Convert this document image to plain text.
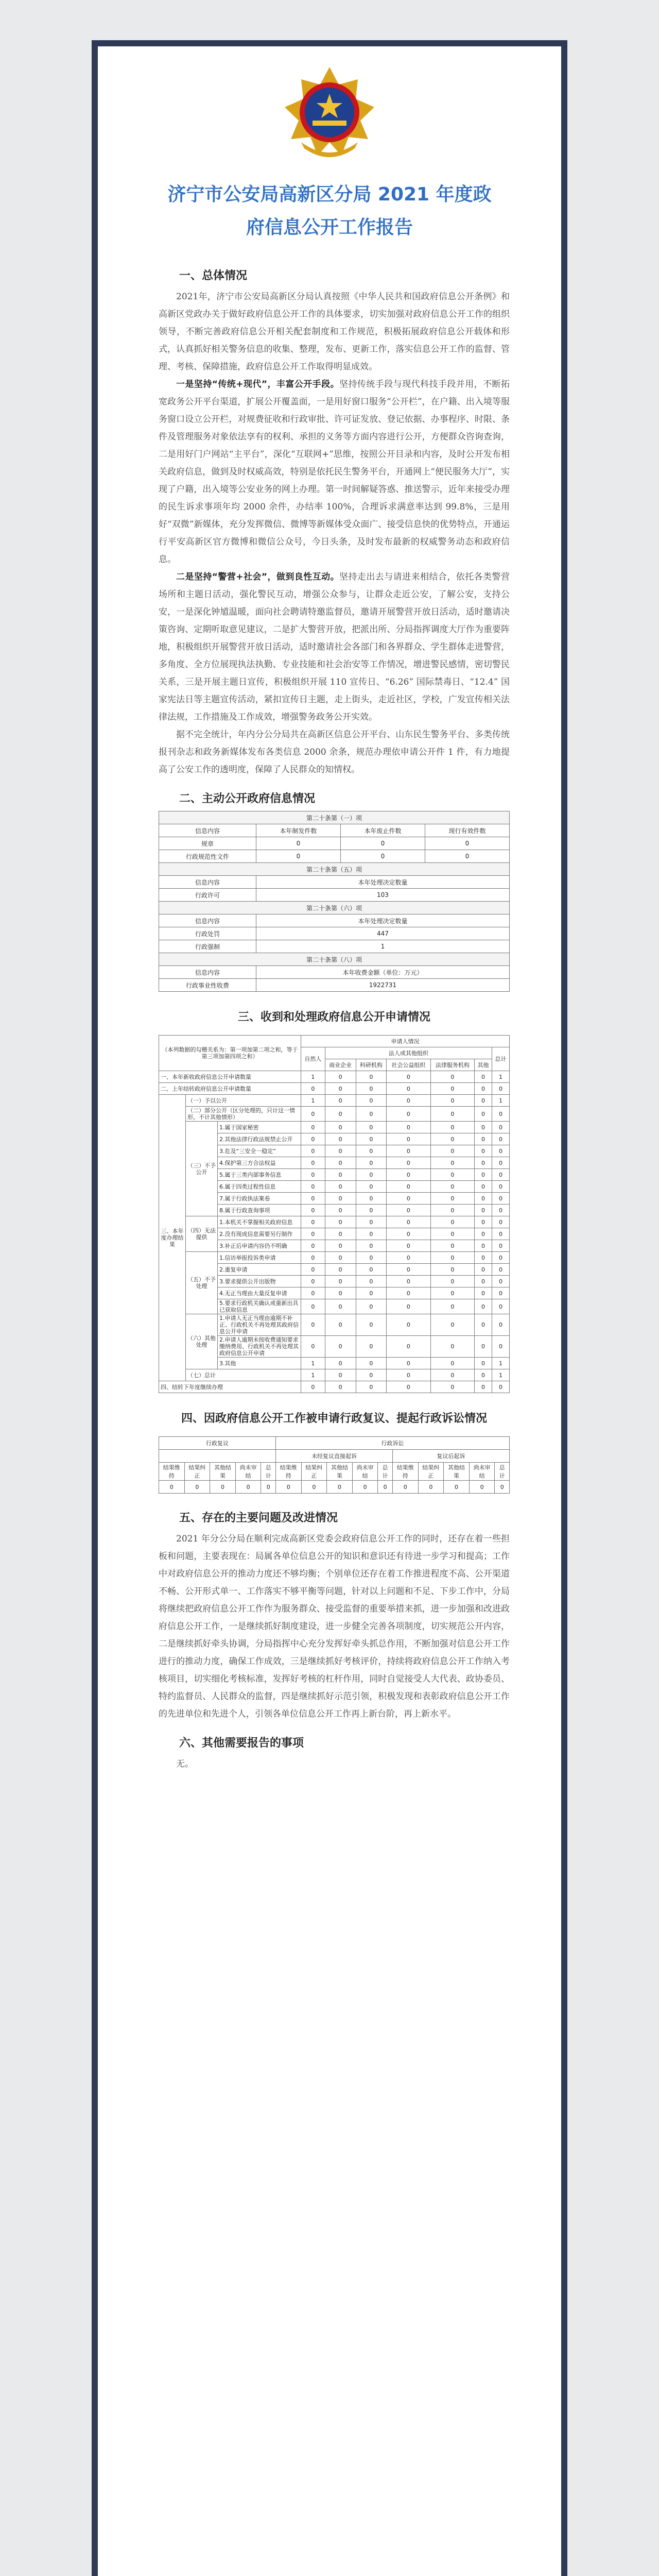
济宁市公安局高新区分局 2021 年度政府信息公开工作报告
一、总体情况

2021年，济宁市公安局高新区分局认真按照《中华人民共和国政府信息公开条例》和高新区党政办关于做好政府信息公开工作的具体要求，切实加强对政府信息公开工作的组织领导，不断完善政府信息公开相关配套制度和工作规范，积极拓展政府信息公开载体和形式，认真抓好相关警务信息的收集、整理，发布、更新工作，落实信息公开工作的监督、管理、考核、保障措施，政府信息公开工作取得明显成效。

一是坚持“传统+现代”，丰富公开手段。坚持传统手段与现代科技手段并用，不断拓宽政务公开平台渠道，扩展公开覆盖面，一是用好窗口服务“公开栏”，在户籍、出入境等服务窗口设立公开栏，对规费征收和行政审批、许可证发放、登记依据、办事程序、时限、条件及管理服务对象依法享有的权利、承担的义务等方面内容进行公开，方便群众咨询查询，二是用好门户网站“主平台”，深化“互联网+”思维，按照公开目录和内容，及时公开发布相关政府信息，做到及时权威高效，特别是依托民生警务平台，开通网上“便民服务大厅”，实现了户籍，出入境等公安业务的网上办理。第一时间解疑答惑、推送警示，近年来接受办理的民生诉求事项年均 2000 余件，办结率 100%，合理诉求满意率达到 99.8%，三是用好“双微”新媒体，充分发挥微信、微博等新媒体受众面广、接受信息快的优势特点，开通运行平安高新区官方微博和微信公众号，今日头条，及时发布最新的权威警务动态和政府信息。

二是坚持“警营+社会”，做到良性互动。坚持走出去与请进来相结合，依托各类警营场所和主题日活动，强化警民互动，增强公众参与，让群众走近公安，了解公安，支持公安，一是深化钟馗温暖，面向社会聘请特邀监督员，邀请开展警营开放日活动，适时邀请决策咨询、定期听取意见建议，二是扩大警营开放，把派出所、分局指挥调度大厅作为重要阵地，积极组织开展警营开放日活动，适时邀请社会各部门和各界群众、学生群体走进警营，多角度、全方位展现执法执勤、专业技能和社会治安等工作情况，增进警民感情，密切警民关系，三是开展主题日宣传，积极组织开展 110 宣传日、“6.26” 国际禁毒日、“12.4” 国家宪法日等主题宣传活动，紧扣宣传日主题，走上街头，走近社区，学校，广发宣传相关法律法规，工作措施及工作成效，增强警务政务公开实效。

据不完全统计，年内分公分局共在高新区信息公开平台、山东民生警务平台、多类传统报刊杂志和政务新媒体发布各类信息 2000 余条，规范办理依申请公开件 1 件，有力地提高了公安工作的透明度，保障了人民群众的知情权。

二、主动公开政府信息情况
第二十条第（一）项			
信息内容	本年制发件数	本年废止件数	现行有效件数
规章	0	0	0
行政规范性文件	0	0	0
第二十条第（五）项			
信息内容	本年处理决定数量		
行政许可	103		
第二十条第（六）项			
信息内容	本年处理决定数量		
行政处罚	447		
行政强制	1		
第二十条第（八）项			
信息内容	本年收费金额（单位：万元）		
行政事业性收费	1922731		
三、收到和处理政府信息公开申请情况
（本列数据的勾稽关系为：第一项加第二项之和，等于第三项加第四项之和）			申请人情况						
			自然人	法人或其他组织					总计
				商业企业	科研机构	社会公益组织	法律服务机构	其他	
一、本年新收政府信息公开申请数量			1	0	0	0	0	0	1
二、上年结转政府信息公开申请数量			0	0	0	0	0	0	0
三、本年度办理结果	（一）予以公开		1	0	0	0	0	0	1
	（二）部分公开（区分处理的，只计这一情形，不计其他情形）		0	0	0	0	0	0	0
	（三）不予公开	1.属于国家秘密	0	0	0	0	0	0	0
		2.其他法律行政法规禁止公开	0	0	0	0	0	0	0
		3.危及“三安全一稳定”	0	0	0	0	0	0	0
		4.保护第三方合法权益	0	0	0	0	0	0	0
		5.属于三类内部事务信息	0	0	0	0	0	0	0
		6.属于四类过程性信息	0	0	0	0	0	0	0
		7.属于行政执法案卷	0	0	0	0	0	0	0
		8.属于行政查询事项	0	0	0	0	0	0	0
	（四）无法提供	1.本机关不掌握相关政府信息	0	0	0	0	0	0	0
		2.没有现成信息需要另行制作	0	0	0	0	0	0	0
		3.补正后申请内容仍不明确	0	0	0	0	0	0	0
	（五）不予处理	1.信访举报投诉类申请	0	0	0	0	0	0	0
		2.重复申请	0	0	0	0	0	0	0
		3.要求提供公开出版物	0	0	0	0	0	0	0
		4.无正当理由大量反复申请	0	0	0	0	0	0	0
		5.要求行政机关确认或重新出具已获取信息	0	0	0	0	0	0	0
	（六）其他处理	1.申请人无正当理由逾期不补正、行政机关不再处理其政府信息公开申请	0	0	0	0	0	0	0
		2.申请人逾期未按收费通知要求缴纳费用、行政机关不再处理其政府信息公开申请	0	0	0	0	0	0	0
		3.其他	1	0	0	0	0	0	1
	（七）总计		1	0	0	0	0	0	1
四、结转下年度继续办理			0	0	0	0	0	0	0
四、因政府信息公开工作被申请行政复议、提起行政诉讼情况
行政复议					行政诉讼									
					未经复议直接起诉					复议后起诉				
结果维持	结果纠正	其他结果	尚未审结	总计	结果维持	结果纠正	其他结果	尚未审结	总计	结果维持	结果纠正	其他结果	尚未审结	总计
0	0	0	0	0	0	0	0	0	0	0	0	0	0	0
五、存在的主要问题及改进情况

2021 年分公分局在顺利完成高新区党委会政府信息公开工作的同时，还存在着一些担板和问题，主要表现在：局属各单位信息公开的知识和意识还有待进一步学习和提高；工作中对政府信息公开的推动力度还不够均衡；个别单位还存在着工作推进程度不高、公开渠道不畅、公开形式单一、工作落实不够平衡等问题，针对以上问题和不足、下步工作中，分局将继续把政府信息公开工作作为服务群众、接受监督的重要举措来抓，进一步加强和改进政府信息公开工作，一是继续抓好制度建设，进一步健全完善各项制度，切实规范公开内容，二是继续抓好牵头协调，分局指挥中心充分发挥好牵头抓总作用，不断加强对信息公开工作进行的推动力度，确保工作成效，三是继续抓好考核评价，持续将政府信息公开工作纳入考核项目，切实细化考核标准，发挥好考核的杠杆作用，同时自觉接受人大代表、政协委员、特约监督员、人民群众的监督，四是继续抓好示范引领，积极发现和表彰政府信息公开工作的先进单位和先进个人，引领各单位信息公开工作再上新台阶，再上新水平。

六、其他需要报告的事项

无。
